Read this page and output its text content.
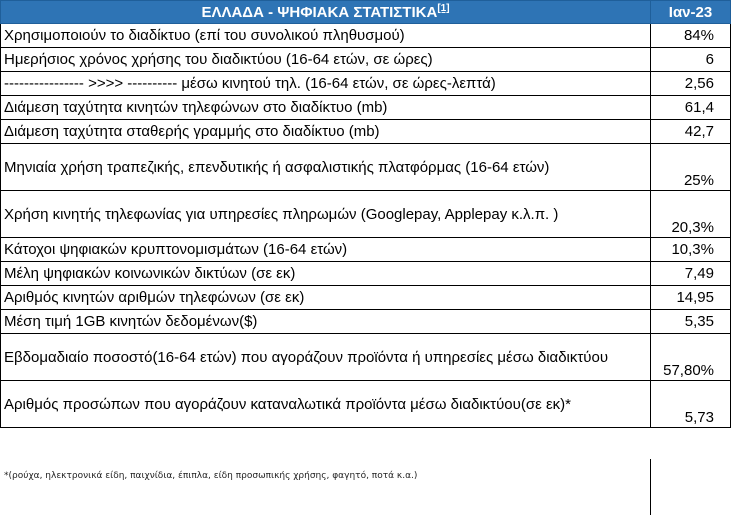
ΕΛΛΑΔΑ - ΨΗΦΙΑΚΑ ΣΤΑΤΙΣΤΙΚΑ[1]	Ιαν-23
Χρησιμοποιούν το διαδίκτυο (επί του συνολικού πληθυσμού)	84%
Ημερήσιος χρόνος χρήσης του διαδικτύου (16-64 ετών, σε ώρες)	6
---------------- >>>> ---------- μέσω κινητού τηλ. (16-64 ετών, σε ώρες-λεπτά)	2,56
Διάμεση ταχύτητα κινητών τηλεφώνων στο διαδίκτυο (mb)	61,4
Διάμεση ταχύτητα σταθερής γραμμής στο διαδίκτυο (mb)	42,7
Μηνιαία χρήση τραπεζικής, επενδυτικής ή ασφαλιστικής πλατφόρμας (16-64 ετών)	25%
Χρήση κινητής τηλεφωνίας για υπηρεσίες πληρωμών (Googlepay, Applepay κ.λ.π. )	20,3%
Κάτοχοι ψηφιακών κρυπτονομισμάτων (16-64 ετών)	10,3%
Μέλη ψηφιακών κοινωνικών δικτύων (σε εκ)	7,49
Αριθμός κινητών αριθμών τηλεφώνων (σε εκ)	14,95
Μέση τιμή 1GB κινητών δεδομένων($)	5,35
Εβδομαδιαίο ποσοστό(16-64 ετών) που αγοράζουν προϊόντα ή υπηρεσίες μέσω διαδικτύου	57,80%
Αριθμός προσώπων που αγοράζουν καταναλωτικά προϊόντα μέσω διαδικτύου(σε εκ)*	5,73
*(ρούχα, ηλεκτρονικά είδη, παιχνίδια, έπιπλα, είδη προσωπικής χρήσης, φαγητό, ποτά κ.α.)
